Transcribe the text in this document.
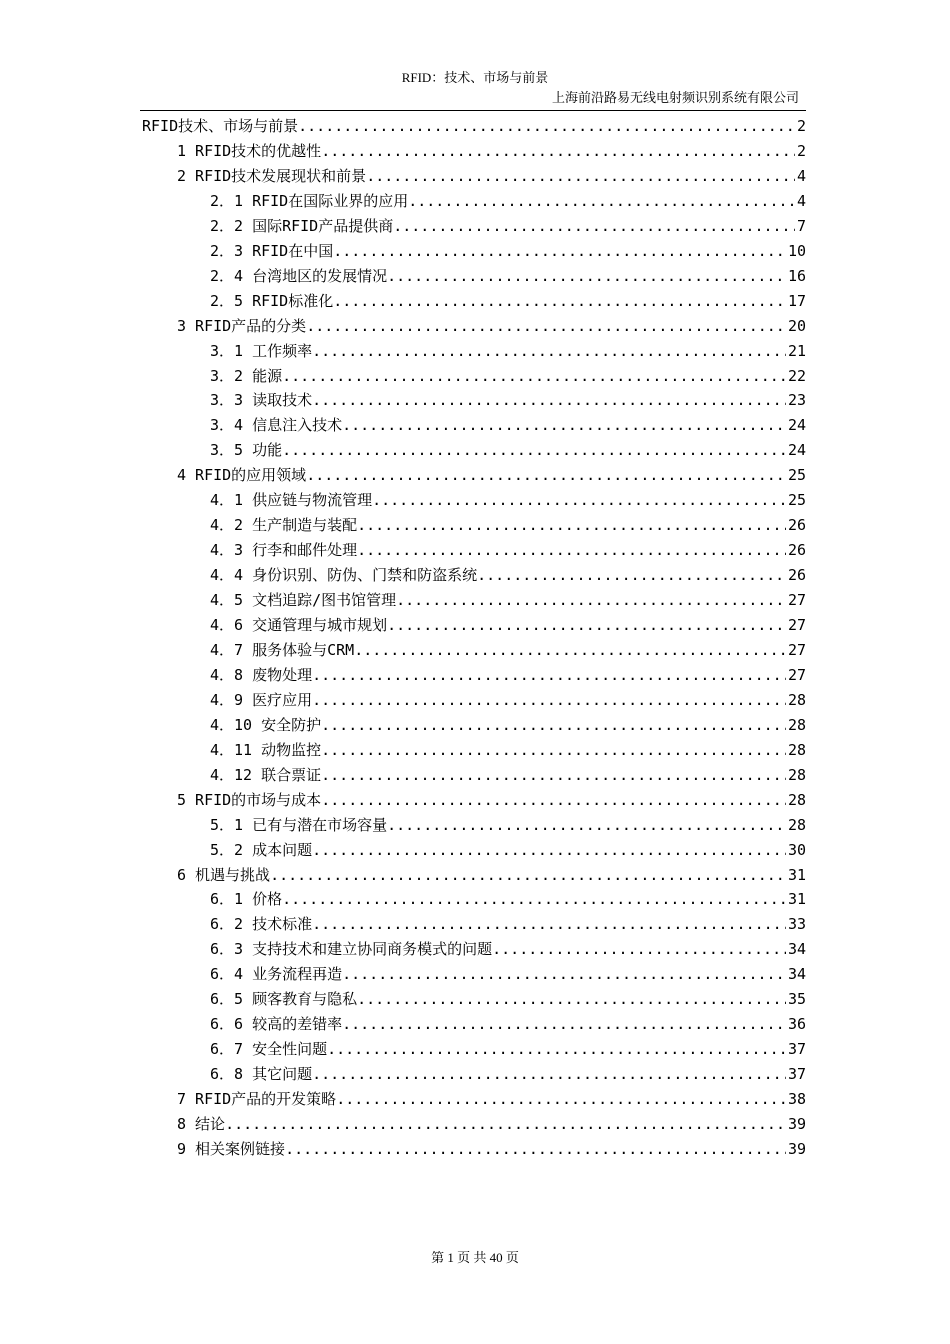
RFID：技术、市场与前景
上海前沿路易无线电射频识别系统有限公司
RFID技术、市场与前景 .....	2
1 RFID技术的优越性 .....	2
2 RFID技术发展现状和前景 .....	4
2．1 RFID在国际业界的应用 .....	4
2．2 国际RFID产品提供商 .....	7
2．3 RFID在中国 .....	10
2．4 台湾地区的发展情况 .....	16
2．5 RFID标准化 .....	17
3 RFID产品的分类 .....	20
3．1 工作频率 .....	21
3．2 能源 .....	22
3．3 读取技术 .....	23
3．4 信息注入技术 .....	24
3．5 功能 .....	24
4 RFID的应用领域 .....	25
4．1 供应链与物流管理 .....	25
4．2 生产制造与装配 .....	26
4．3 行李和邮件处理 .....	26
4．4 身份识别、防伪、门禁和防盗系统 .....	26
4．5 文档追踪/图书馆管理 .....	27
4．6 交通管理与城市规划 .....	27
4．7 服务体验与CRM .....	27
4．8 废物处理 .....	27
4．9 医疗应用 .....	28
4．10 安全防护 .....	28
4．11 动物监控 .....	28
4．12 联合票证 .....	28
5 RFID的市场与成本 .....	28
5．1 已有与潜在市场容量 .....	28
5．2 成本问题 .....	30
6 机遇与挑战 .....	31
6．1 价格 .....	31
6．2 技术标准 .....	33
6．3 支持技术和建立协同商务模式的问题 .....	34
6．4 业务流程再造 .....	34
6．5 顾客教育与隐私 .....	35
6．6 较高的差错率 .....	36
6．7 安全性问题 .....	37
6．8 其它问题 .....	37
7 RFID产品的开发策略 .....	38
8 结论 .....	39
9 相关案例链接 .....	39
第 1 页 共 40 页
